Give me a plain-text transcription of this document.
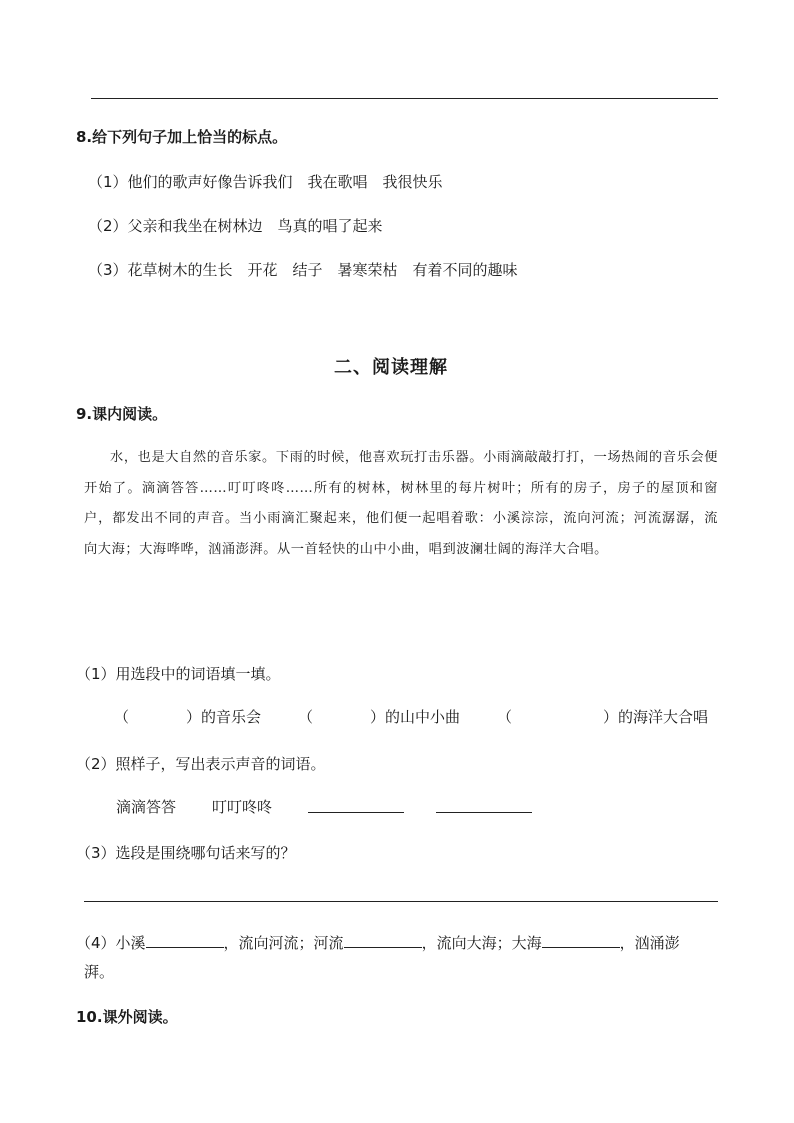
8.给下列句子加上恰当的标点。
（1）他们的歌声好像告诉我们　我在歌唱　我很快乐
（2）父亲和我坐在树林边　鸟真的唱了起来
（3）花草树木的生长　开花　结子　暑寒荣枯　有着不同的趣味
二、阅读理解
9.课内阅读。
水，也是大自然的音乐家。下雨的时候，他喜欢玩打击乐器。小雨滴敲敲打打，一场热闹的音乐会便开始了。滴滴答答……叮叮咚咚……所有的树林，树林里的每片树叶；所有的房子，房子的屋顶和窗户，都发出不同的声音。当小雨滴汇聚起来，他们便一起唱着歌：小溪淙淙，流向河流；河流潺潺，流向大海；大海哗哗，汹涌澎湃。从一首轻快的山中小曲，唱到波澜壮阔的海洋大合唱。
（1）用选段中的词语填一填。
（	）的音乐会 （	）的山中小曲 （	）的海洋大合唱
（2）照样子，写出表示声音的词语。
滴滴答答 叮叮咚咚
（3）选段是围绕哪句话来写的？
（4）小溪	，流向河流；河流	，流向大海；大海	，汹涌澎
湃。
10.课外阅读。
